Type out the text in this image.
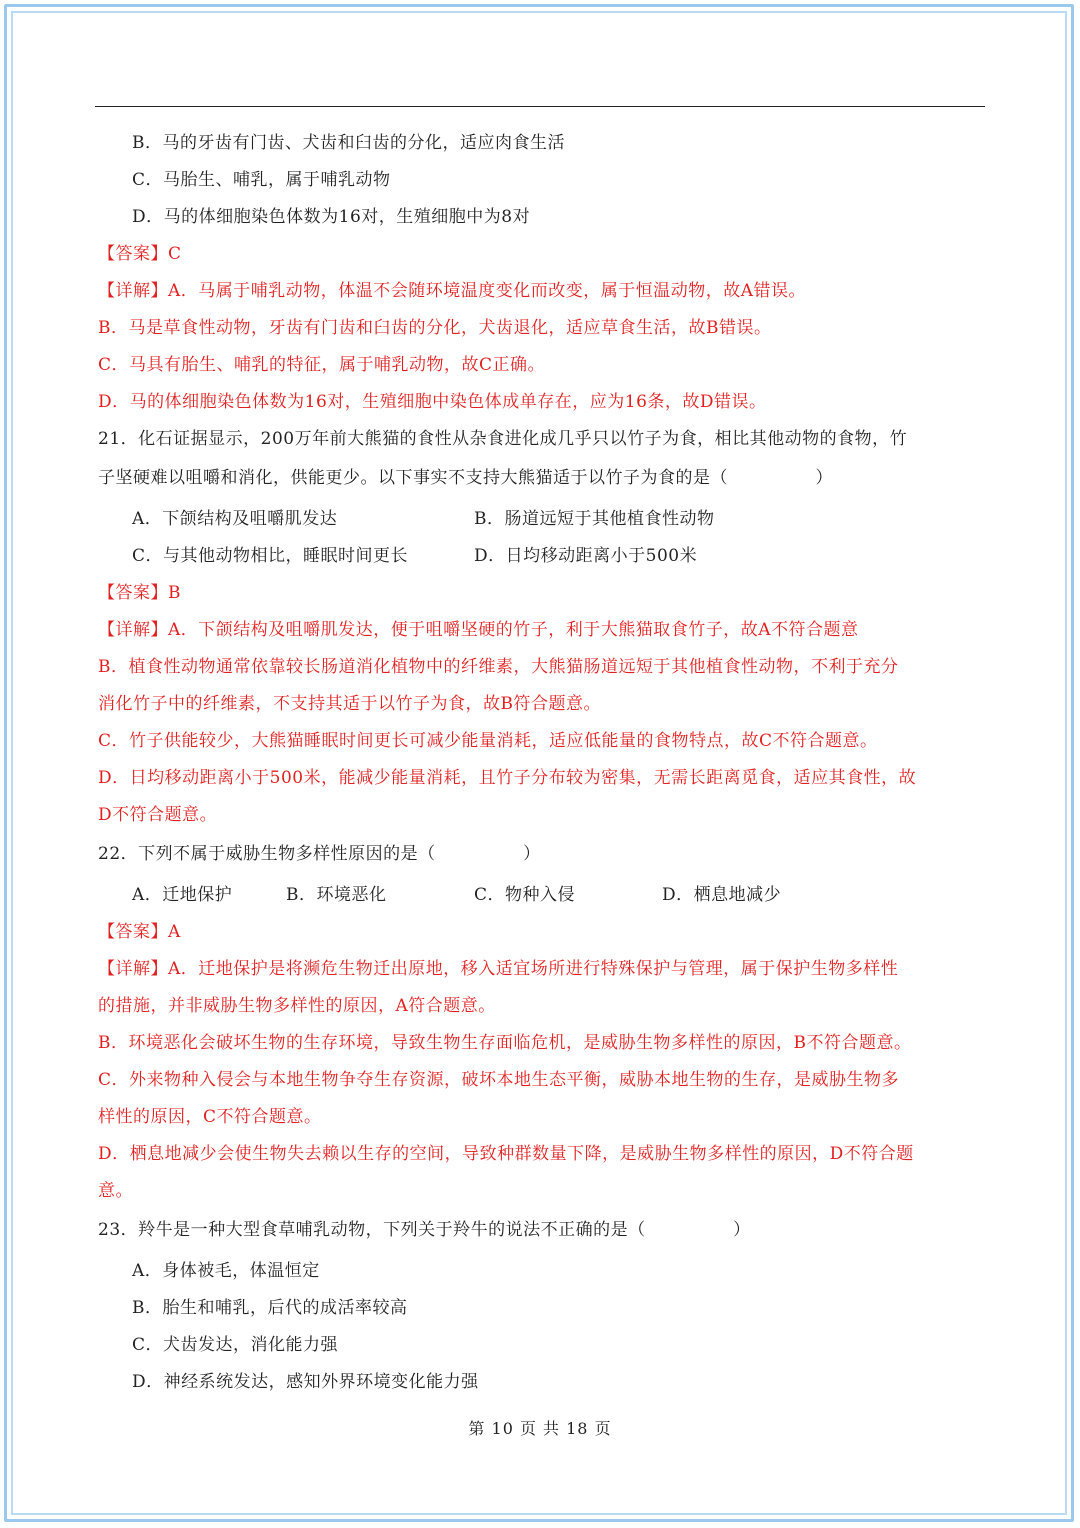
B．马的牙齿有门齿、犬齿和臼齿的分化，适应肉食生活
C．马胎生、哺乳，属于哺乳动物
D．马的体细胞染色体数为16对，生殖细胞中为8对
【答案】C
【详解】A．马属于哺乳动物，体温不会随环境温度变化而改变，属于恒温动物，故A错误。
B．马是草食性动物，牙齿有门齿和臼齿的分化，犬齿退化，适应草食生活，故B错误。
C．马具有胎生、哺乳的特征，属于哺乳动物，故C正确。
D．马的体细胞染色体数为16对，生殖细胞中染色体成单存在，应为16条，故D错误。
21．化石证据显示，200万年前大熊猫的食性从杂食进化成几乎只以竹子为食，相比其他动物的食物，竹
子坚硬难以咀嚼和消化，供能更少。以下事实不支持大熊猫适于以竹子为食的是（　　　　　）
A．下颌结构及咀嚼肌发达	B．肠道远短于其他植食性动物
C．与其他动物相比，睡眠时间更长	D．日均移动距离小于500米
【答案】B
【详解】A．下颌结构及咀嚼肌发达，便于咀嚼坚硬的竹子，利于大熊猫取食竹子，故A不符合题意
B．植食性动物通常依靠较长肠道消化植物中的纤维素，大熊猫肠道远短于其他植食性动物，不利于充分
消化竹子中的纤维素，不支持其适于以竹子为食，故B符合题意。
C．竹子供能较少，大熊猫睡眠时间更长可减少能量消耗，适应低能量的食物特点，故C不符合题意。
D．日均移动距离小于500米，能减少能量消耗，且竹子分布较为密集，无需长距离觅食，适应其食性，故
D不符合题意。
22．下列不属于威胁生物多样性原因的是（　　　　　）
A．迁地保护	B．环境恶化	C．物种入侵	D．栖息地减少
【答案】A
【详解】A．迁地保护是将濒危生物迁出原地，移入适宜场所进行特殊保护与管理，属于保护生物多样性
的措施，并非威胁生物多样性的原因，A符合题意。
B．环境恶化会破坏生物的生存环境，导致生物生存面临危机，是威胁生物多样性的原因，B不符合题意。
C．外来物种入侵会与本地生物争夺生存资源，破坏本地生态平衡，威胁本地生物的生存，是威胁生物多
样性的原因，C不符合题意。
D．栖息地减少会使生物失去赖以生存的空间，导致种群数量下降，是威胁生物多样性的原因，D不符合题
意。
23．羚牛是一种大型食草哺乳动物，下列关于羚牛的说法不正确的是（　　　　　）
A．身体被毛，体温恒定
B．胎生和哺乳，后代的成活率较高
C．犬齿发达，消化能力强
D．神经系统发达，感知外界环境变化能力强
第 10 页 共 18 页
